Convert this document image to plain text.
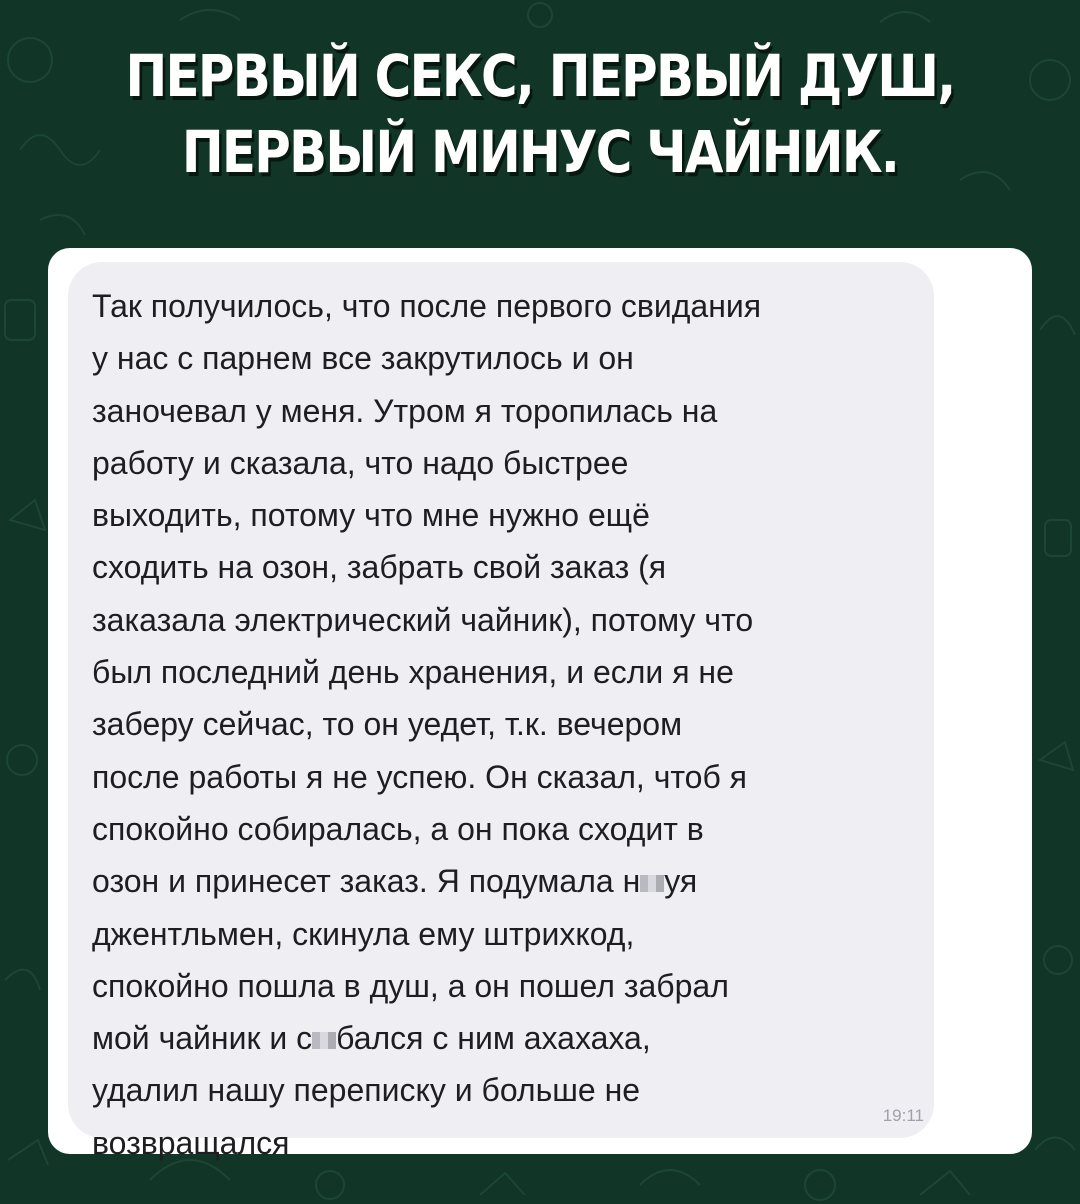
ПЕРВЫЙ СЕКС, ПЕРВЫЙ ДУШ,
ПЕРВЫЙ МИНУС ЧАЙНИК.

Так получилось, что после первого свидания
у нас с парнем все закрутилось и он
заночевал у меня. Утром я торопилась на
работу и сказала, что надо быстрее
выходить, потому что мне нужно ещё
сходить на озон, забрать свой заказ (я
заказала электрический чайник), потому что
был последний день хранения, и если я не
заберу сейчас, то он уедет, т.к. вечером
после работы я не успею. Он сказал, чтоб я
спокойно собиралась, а он пока сходит в
озон и принесет заказ. Я подумала н уя
джентльмен, скинула ему штрихкод,
спокойно пошла в душ, а он пошел забрал
мой чайник и с бался с ним ахахаха,
удалил нашу переписку и больше не
возвращался

19:11
